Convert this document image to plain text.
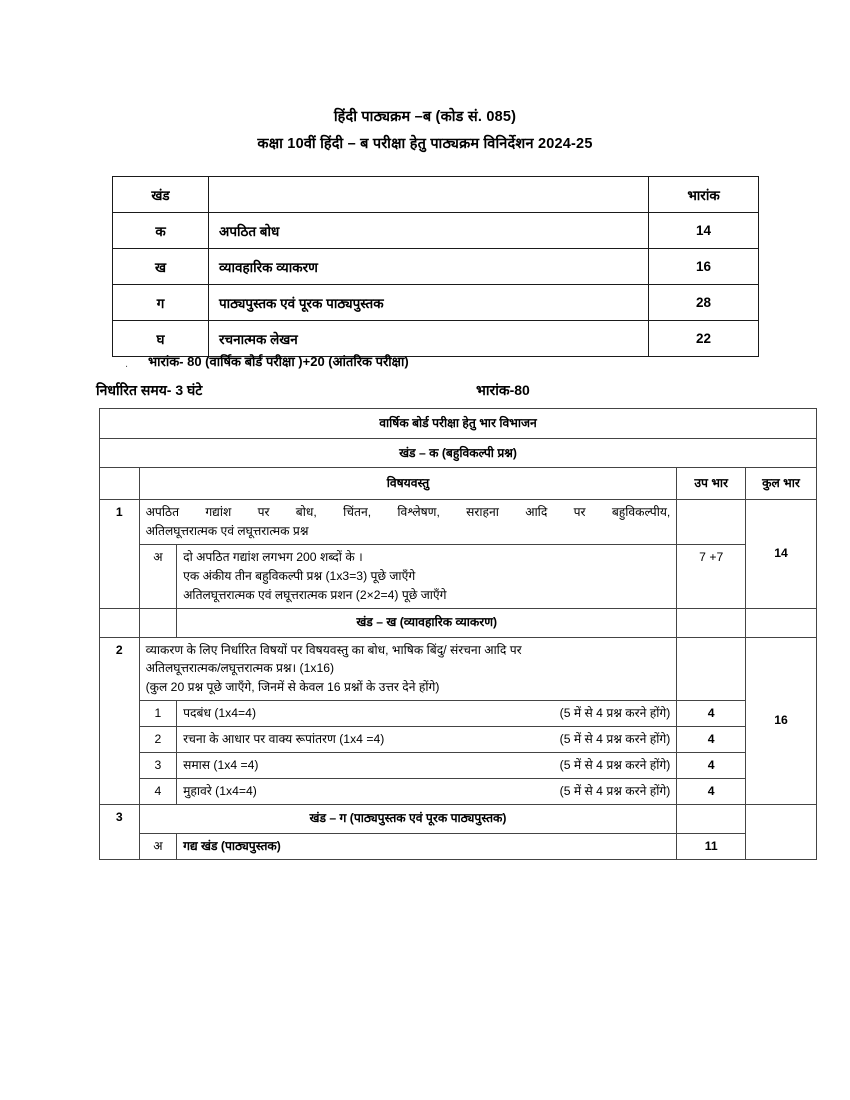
हिंदी पाठ्यक्रम –ब (कोड सं. 085)
कक्षा 10वीं हिंदी – ब परीक्षा हेतु पाठ्यक्रम विनिर्देशन 2024-25
खंड		भारांक
क	अपठित बोध	14
ख	व्यावहारिक व्याकरण	16
ग	पाठ्यपुस्तक एवं पूरक पाठ्यपुस्तक	28
घ	रचनात्मक लेखन	22
. भारांक- 80 (वार्षिक बोर्ड परीक्षा )+20 (आंतरिक परीक्षा)
निर्धारित समय- 3 घंटे	भारांक-80
वार्षिक बोर्ड परीक्षा हेतु भार विभाजन				
खंड – क (बहुविकल्पी प्रश्न)				
	विषयवस्तु		उप भार	कुल भार
1	अपठित गद्यांश पर बोध, चिंतन, विश्लेषण, सराहना आदि पर बहुविकल्पीय,
अतिलघूत्तरात्मक एवं लघूत्तरात्मक प्रश्न			14
	अ	दो अपठित गद्यांश लगभग 200 शब्दों के ।
एक अंकीय तीन बहुविकल्पी प्रश्न (1x3=3) पूछे जाएँगे
अतिलघूत्तरात्मक एवं लघूत्तरात्मक प्रशन (2×2=4) पूछे जाएँगे	7 +7	
		खंड – ख (व्यावहारिक व्याकरण)		
2	व्याकरण के लिए निर्धारित विषयों पर विषयवस्तु का बोध, भाषिक बिंदु/ संरचना आदि पर
अतिलघूत्तरात्मक/लघूत्तरात्मक प्रश्न। (1x16)
(कुल 20 प्रश्न पूछे जाएँगे, जिनमें से केवल 16 प्रश्नों के उत्तर देने होंगे)			16
	1	पदबंध (1x4=4) (5 में से 4 प्रश्न करने होंगे)	4	
	2	रचना के आधार पर वाक्य रूपांतरण (1x4 =4) (5 में से 4 प्रश्न करने होंगे)	4	
	3	समास (1x4 =4) (5 में से 4 प्रश्न करने होंगे)	4	
	4	मुहावरे (1x4=4) (5 में से 4 प्रश्न करने होंगे)	4	
3	खंड – ग (पाठ्यपुस्तक एवं पूरक पाठ्यपुस्तक)			
	अ	गद्य खंड (पाठ्यपुस्तक)	11	
